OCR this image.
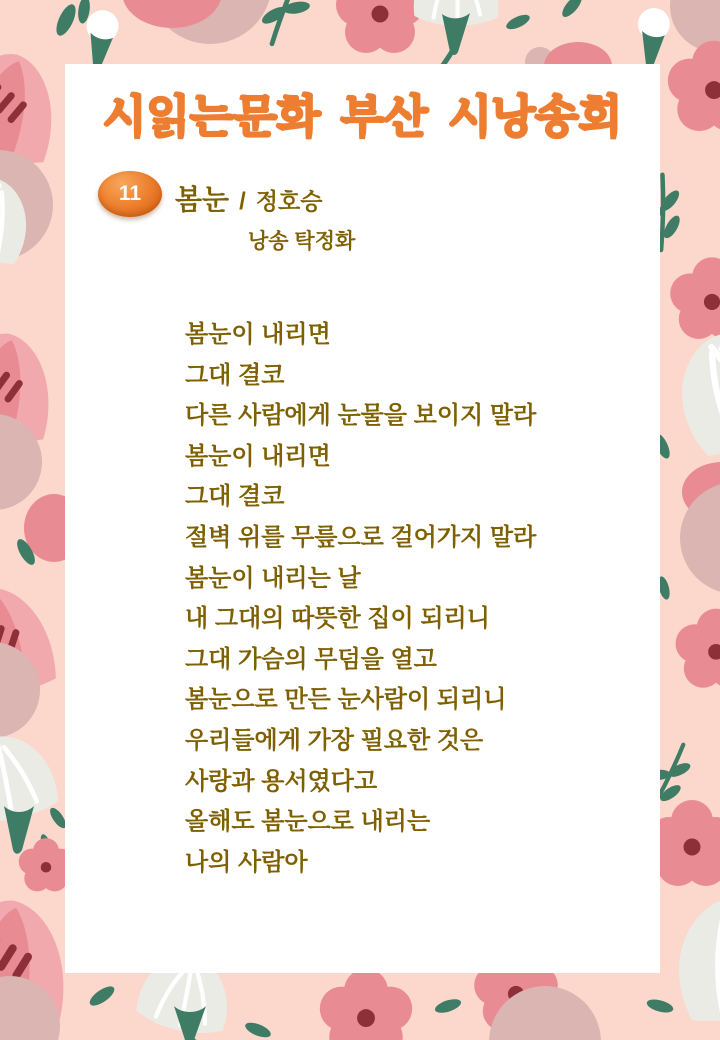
시읽는문화 부산 시낭송회
11 봄눈 / 정호승
낭송 탁정화
봄눈이 내리면
그대 결코
다른 사람에게 눈물을 보이지 말라
봄눈이 내리면
그대 결코
절벽 위를 무릎으로 걸어가지 말라
봄눈이 내리는 날
내 그대의 따뜻한 집이 되리니
그대 가슴의 무덤을 열고
봄눈으로 만든 눈사람이 되리니
우리들에게 가장 필요한 것은
사랑과 용서였다고
올해도 봄눈으로 내리는
나의 사람아
